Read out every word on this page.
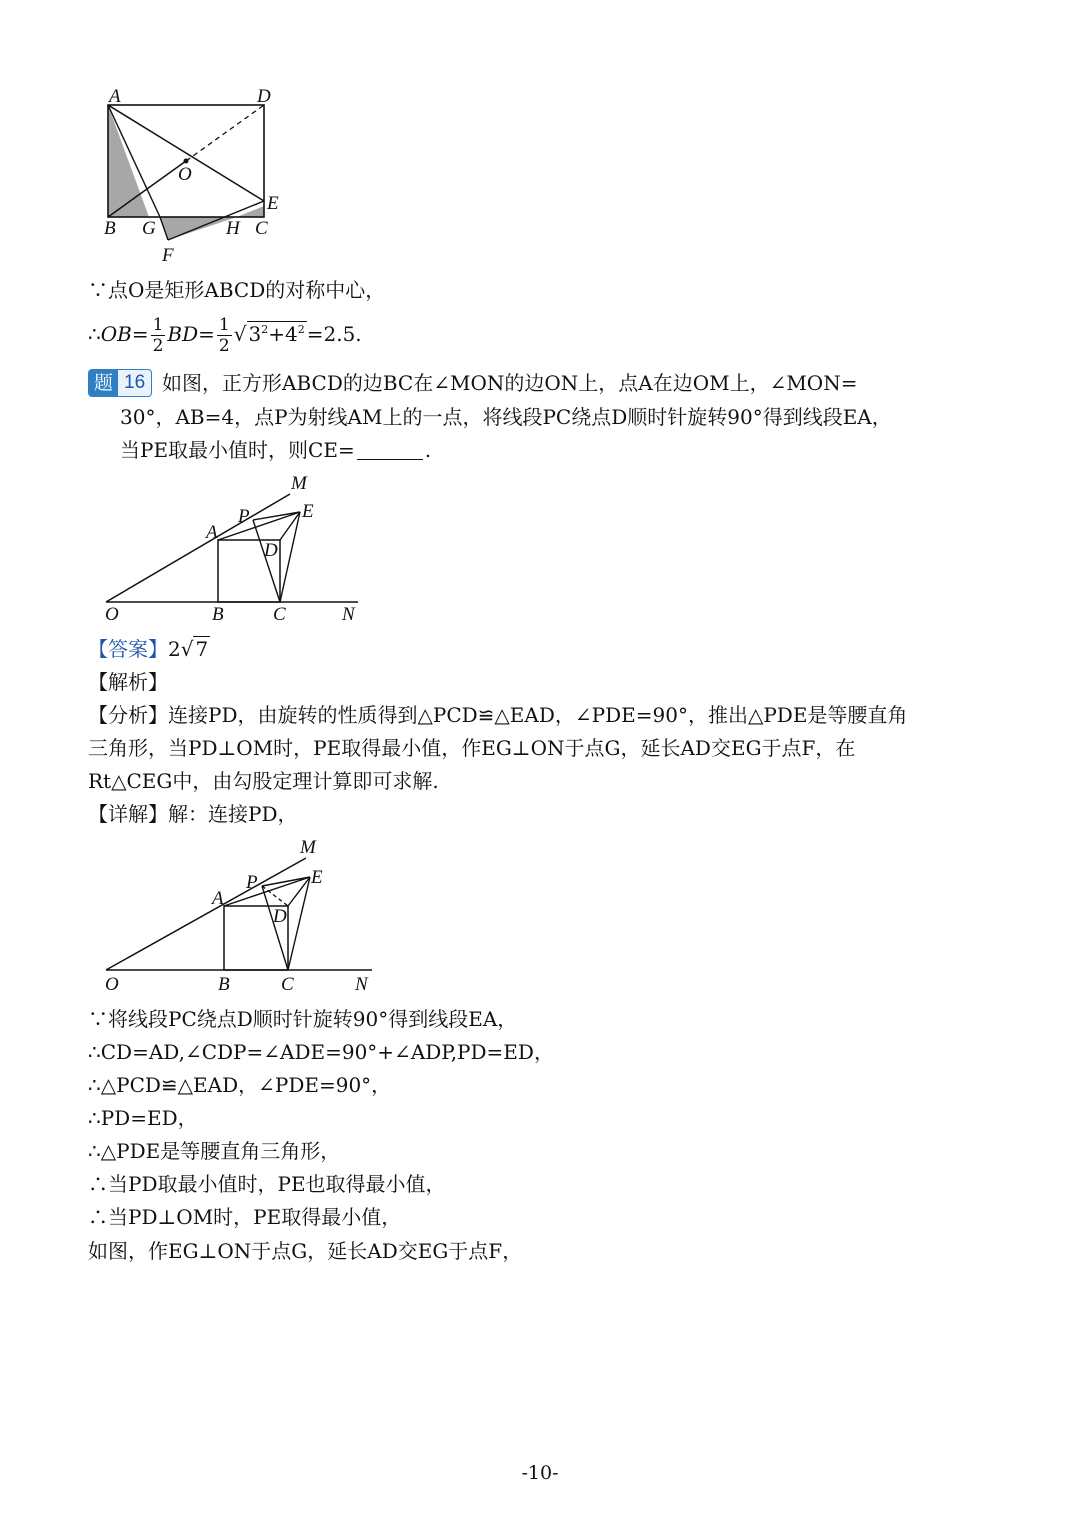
A	D
O
E
B G	H C
F
∵点O是矩形ABCD的对称中心，
∴OB= $\frac{1}{2} BD= \frac{1}{2}$ √ $3^2+4^2 =2.5$.
题 16 如图，正方形ABCD的边BC在∠MON的边ON上，点A在边OM上，∠MON=
30°，AB=4，点P为射线AM上的一点，将线段PC绕点D顺时针旋转90°得到线段EA，
当PE取最小值时，则CE=	.
M
P	E
A
D
O	B	C	N
【答案】2√ 7
【解析】
【分析】连接PD，由旋转的性质得到△PCD≌△EAD，∠PDE=90°，推出△PDE是等腰直角
三角形，当PD⊥OM时，PE取得最小值，作EG⊥ON于点G，延长AD交EG于点F，在
Rt△CEG中，由勾股定理计算即可求解.
【详解】解：连接PD，
M
P	E
A
D
O	B	C	N
∵将线段PC绕点D顺时针旋转90°得到线段EA，
∴CD=AD,∠CDP=∠ADE=90°+∠ADP,PD=ED，
∴△PCD≌△EAD，∠PDE=90°，
∴PD=ED，
∴△PDE是等腰直角三角形，
∴当PD取最小值时，PE也取得最小值，
∴当PD⊥OM时，PE取得最小值，
如图，作EG⊥ON于点G，延长AD交EG于点F，
-10-
